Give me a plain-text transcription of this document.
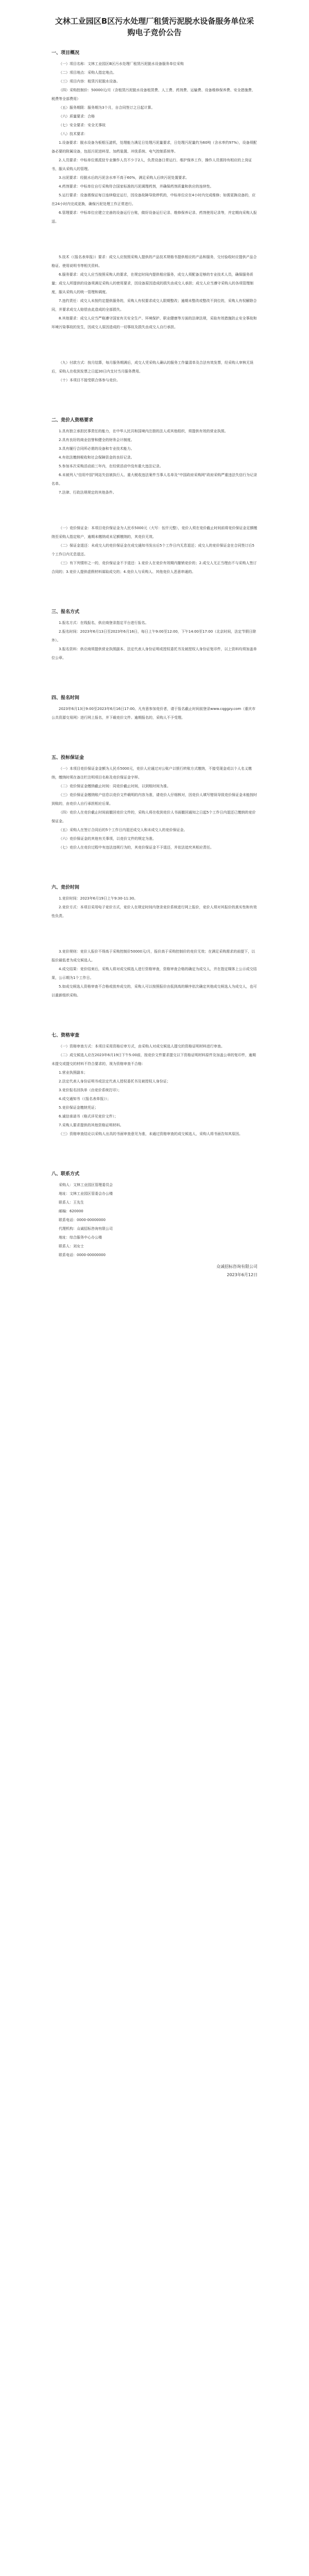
文林工业园区B区污水处理厂租赁污泥脱水设备服务单位采购电子竞价公告
一、项目概况

（一）项目名称：文林工业园区B区污水处理厂租赁污泥脱水设备服务单位采购

（二）项目地点：采购人指定地点。

（三）项目内容：租赁污泥脱水设备。

（四）采购控制价：50000元/月（含租赁污泥脱水设备租赁费、人工费、药剂费、运输费、设备维修保养费、安全措施费、税费等全部费用）

（五）服务期限：服务期为3个月，自合同签订之日起计算。

（六）质量要求：合格

（七）安全要求：安全无事故

（八）技术要求：

1.设备要求：脱水设备为板框压滤机，处理能力满足日处理污泥量要求，日处理污泥量约为60吨（含水率约97%），设备须配备必要的附属设备，包括污泥进料泵、加药装置、冲洗系统、电气控制系统等。

2.人员要求：中标单位需派驻专业操作人员不少于2人，负责设备日常运行、维护保养工作，操作人员需持有相应的上岗证书，服从采购人的管理。

3.出泥要求：经脱水后的污泥含水率不高于60%，满足采购人后续污泥处置要求。

4.药剂要求：中标单位自行采购符合国家标准的污泥调理药剂，并确保药剂质量和供应的连续性。

5.运行要求：设备需保证每日连续稳定运行，因设备故障导致停机的，中标单位应在4小时内完成维修；如需更换设备的，应在24小时内完成更换，确保污泥处理工作正常进行。

6.管理要求：中标单位应建立完善的设备运行台账，做好设备运行记录、维修保养记录、药剂使用记录等，并定期向采购人报送。

5.技术（《报名表单报》）要求：成交人应按照采购人提供的产品技术规格书提供相应的产品和服务，交付验收时应提供产品合格证、使用说明书等相关资料。

6.服务要求：成交人应当按照采购人的要求，在规定时间内提供相应服务，成交人须配备足够的专业技术人员，确保服务质量；成交人所提供的设备须满足采购人的使用要求，因设备原因造成的损失由成交人承担；成交人应当遵守采购人的各项管理制度，服从采购人的统一管理和调度。

7.违约责任：成交人未按约定提供服务的，采购人有权要求成交人限期整改；逾期未整改或整改不到位的，采购人有权解除合同，并要求成交人赔偿由此造成的全部损失。

8.其他要求：成交人应当严格遵守国家有关安全生产、环境保护、职业健康等方面的法律法规，采取有效措施防止安全事故和环境污染事故的发生，因成交人原因造成的一切事故及损失由成交人自行承担。

（九）付款方式：按月结算，每月服务期满后，成交人凭采购人确认的服务工作量清单及合法有效发票，经采购人审核无误后，采购人在收到发票之日起30日内支付当月服务费用。

（十）本项目不接受联合体参与竞价。

二、竞价人资格要求

1.具有独立承担民事责任的能力，在中华人民共和国境内注册的法人或其他组织，须提供有效的营业执照。

2.具有良好的商业信誉和健全的财务会计制度。

3.具有履行合同所必需的设备和专业技术能力。

4.有依法缴纳税收和社会保障资金的良好记录。

5.参加本次采购活动前三年内，在经营活动中没有重大违法记录。

6.未被列入“信用中国”网站失信被执行人、重大税收违法案件当事人名单及“中国政府采购网”政府采购严重违法失信行为记录名单。

7.法律、行政法规规定的其他条件。

（一）竞价保证金：本项目竞价保证金为人民币5000元（大写：伍仟元整），竞价人须在竞价截止时间前将竞价保证金足额缴纳至采购人指定账户，逾期未缴纳或未足额缴纳的，其竞价无效。

（二）保证金退还：未成交人的竞价保证金在成交通知书发出后5个工作日内无息退还；成交人的竞价保证金在合同签订后5个工作日内无息退还。

（三）有下列情形之一的，竞价保证金不予退还：1.竞价人在竞价有效期内撤销竞价的；2.成交人无正当理由不与采购人签订合同的；3.竞价人提供虚假材料谋取成交的；4.竞价人与采购人、其他竞价人恶意串通的。

三、报名方式

1.报名方式：在线报名，供应商登录指定平台进行报名。

2.报名时间：2023年6月13日至2023年6月16日，每日上午9:00至12:00，下午14:00至17:00（北京时间，法定节假日除外）。

3.报名资料：供应商须提供营业执照副本、法定代表人身份证明或授权委托书及被授权人身份证复印件，以上资料均须加盖单位公章。

四、报名时间

2023年6月13日9:00至2023年6月16日17:00。凡有意参加竞价者，请于报名截止时间前登录www.cqggzy.com（重庆市公共资源交易网）进行网上报名，并下载竞价文件。逾期报名的，采购人不予受理。

五、投标保证金

（一）本项目竞价保证金金额为人民币5000元，竞价人应通过对公账户以银行转账方式缴纳，不接受现金或以个人名义缴纳，缴纳时须在备注栏注明项目名称及竞价保证金字样。

（二）竞价保证金缴纳截止时间：同竞价截止时间，以到账时间为准。

（三）竞价保证金缴纳账户信息以竞价文件载明的内容为准，请竞价人仔细核对，因竞价人填写错误导致竞价保证金未能按时到账的，由竞价人自行承担相应后果。

（四）竞价人在竞价截止时间前撤回竞价文件的，采购人将在收到竞价人书面撤回通知之日起5个工作日内退还已缴纳的竞价保证金。

（五）采购人在签订合同后的5个工作日内退还成交人和未成交人的竞价保证金。

（六）竞价保证金的其他有关事项，以竞价文件的规定为准。

（七）竞价人在竞价过程中有违法违规行为的，其竞价保证金不予退还，并依法追究其相应责任。

六、竞价时间

1.竞价时间：2023年6月19日上午9:30-11:30。

2.竞价方式：本项目采用电子竞价方式，竞价人在规定时间内登录竞价系统进行网上报价，竞价人须对其报价的真实性和有效性负责。

3.竞价规则：竞价人报价不得高于采购控制价50000元/月，报价高于采购控制价的竞价无效；在满足采购需求的前提下，以报价最低者为成交候选人。

4.成交结果：竞价结束后，采购人将对成交候选人进行资格审查，资格审查合格的确定为成交人，并在指定媒体上公示成交结果，公示期为1个工作日。

5.如成交候选人资格审查不合格或放弃成交的，采购人可以按照报价由低到高的顺序依次确定其他成交候选人为成交人，也可以重新组织采购。

七、资格审查

（一）资格审查方式：本项目采用资格后审方式，由采购人对成交候选人提交的资格证明材料进行审查。

（二）成交候选人应在2023年6月19日下午5:00前，按竞价文件要求提交以下资格证明材料原件及加盖公章的复印件，逾期未提交或提交的材料不符合要求的，视为资格审查不合格：

1.营业执照副本；

2.法定代表人身份证明书或法定代表人授权委托书及被授权人身份证；

3.竞价报名回执单（由竞价系统打印）；

4.成交通知书（《报名表单报》）；

5.竞价保证金缴纳凭证；

6.诚信承诺书（格式详见竞价文件）；

7.采购人要求提供的其他资格证明材料。

（三）资格审查结论以采购人出具的书面审查意见为准，未通过资格审查的成交候选人，采购人将书面告知其原因。

八、联系方式

采购人：文林工业园区管理委员会

地址：文林工业园区管委会办公楼

联系人：王先生

邮编：620000

联系电话：0000-00000000

代理机构：众诚招标咨询有限公司

地址：综合服务中心办公楼

联系人：刘女士

联系电话：0000-00000000

众诚招标咨询有限公司

2023年6月12日
